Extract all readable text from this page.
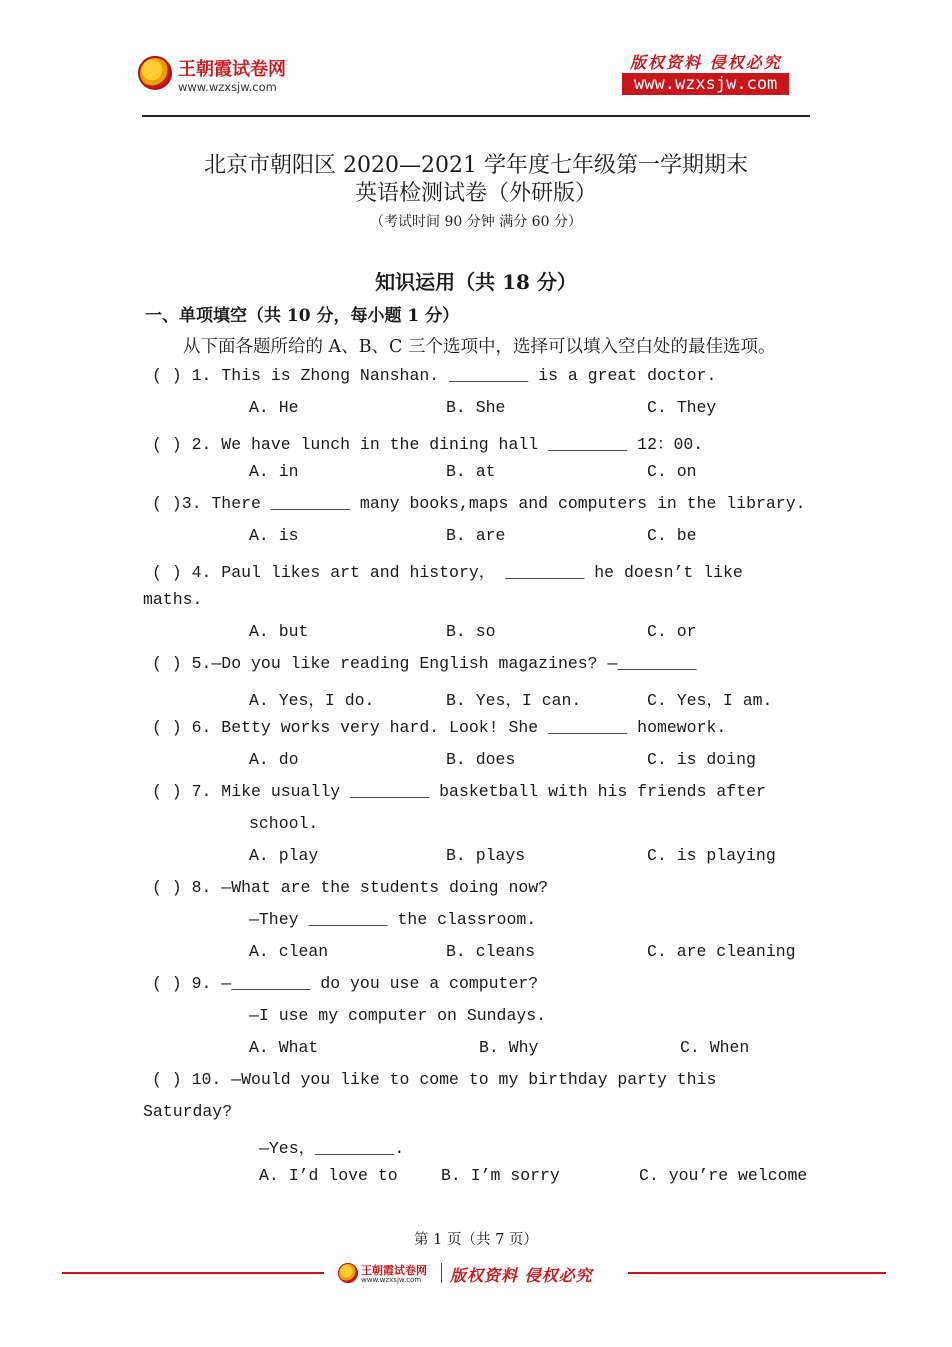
王朝霞试卷网
www.wzxsjw.com
版权资料 侵权必究
www.wzxsjw.com
北京市朝阳区 2020—2021 学年度七年级第一学期期末
英语检测试卷（外研版）
（考试时间 90 分钟 满分 60 分）
知识运用（共 18 分）
一、单项填空（共 10 分，每小题 1 分）
从下面各题所给的 A、B、C 三个选项中，选择可以填入空白处的最佳选项。
( ) 1. This is Zhong Nanshan. ________ is a great doctor.
A. He	B. She	C. They
( ) 2. We have lunch in the dining hall ________ 12：00.
A. in	B. at	C. on
( )3. There ________ many books,maps and computers in the library.
A. is	B. are	C. be
( ) 4. Paul likes art and history， ________ he doesn’t like
maths.
A. but	B. so	C. or
( ) 5.—Do you like reading English magazines? —________
A. Yes，I do.	B. Yes，I can.	C. Yes，I am.
( ) 6. Betty works very hard. Look! She ________ homework.
A. do	B. does	C. is doing
( ) 7. Mike usually ________ basketball with his friends after
school.
A. play	B. plays	C. is playing
( ) 8. —What are the students doing now?
—They ________ the classroom.
A. clean	B. cleans	C. are cleaning
( ) 9. —________ do you use a computer?
—I use my computer on Sundays.
A. What	B. Why	C. When
( ) 10. —Would you like to come to my birthday party this
Saturday?
—Yes，________.
A. I’d love to	B. I’m sorry	C. you’re welcome
第 1 页（共 7 页）
王朝霞试卷网
www.wzxsjw.com 版权资料 侵权必究
